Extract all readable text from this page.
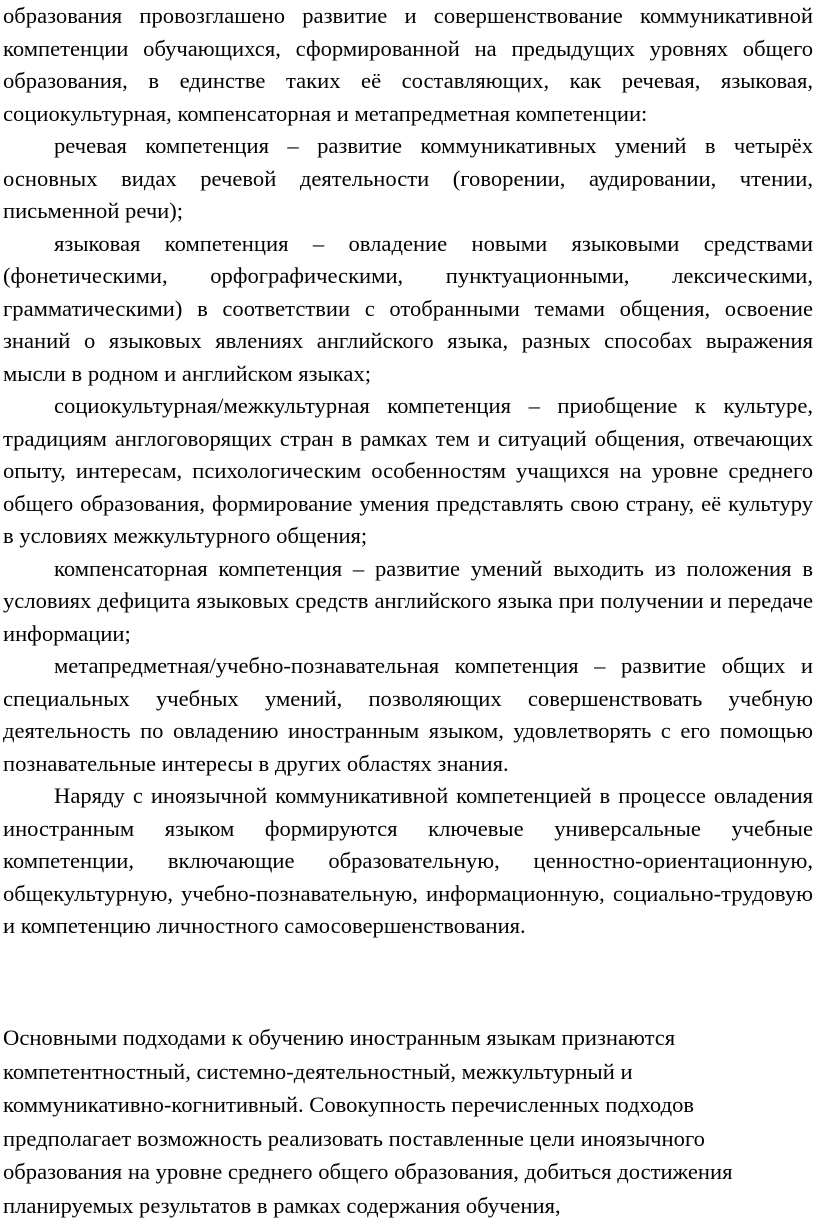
образования провозглашено развитие и совершенствование коммуникативной компетенции обучающихся, сформированной на предыдущих уровнях общего образования, в единстве таких её составляющих, как речевая, языковая, социокультурная, компенсаторная и метапредметная компетенции:

речевая компетенция – развитие коммуникативных умений в четырёх основных видах речевой деятельности (говорении, аудировании, чтении, письменной речи);

языковая компетенция – овладение новыми языковыми средствами (фонетическими, орфографическими, пунктуационными, лексическими, грамматическими) в соответствии с отобранными темами общения, освоение знаний о языковых явлениях английского языка, разных способах выражения мысли в родном и английском языках;

социокультурная/межкультурная компетенция – приобщение к культуре, традициям англоговорящих стран в рамках тем и ситуаций общения, отвечающих опыту, интересам, психологическим особенностям учащихся на уровне среднего общего образования, формирование умения представлять свою страну, её культуру в условиях межкультурного общения;

компенсаторная компетенция – развитие умений выходить из положения в условиях дефицита языковых средств английского языка при получении и передаче информации;

метапредметная/учебно-познавательная компетенция – развитие общих и специальных учебных умений, позволяющих совершенствовать учебную деятельность по овладению иностранным языком, удовлетворять с его помощью познавательные интересы в других областях знания.

Наряду с иноязычной коммуникативной компетенцией в процессе овладения иностранным языком формируются ключевые универсальные учебные компетенции, включающие образовательную, ценностно-ориентационную, общекультурную, учебно-познавательную, информационную, социально-трудовую и компетенцию личностного самосовершенствования.

Основными подходами к обучению иностранным языкам признаются компетентностный, системно-деятельностный, межкультурный и коммуникативно-когнитивный. Совокупность перечисленных подходов предполагает возможность реализовать поставленные цели иноязычного образования на уровне среднего общего образования, добиться достижения планируемых результатов в рамках содержания обучения,
